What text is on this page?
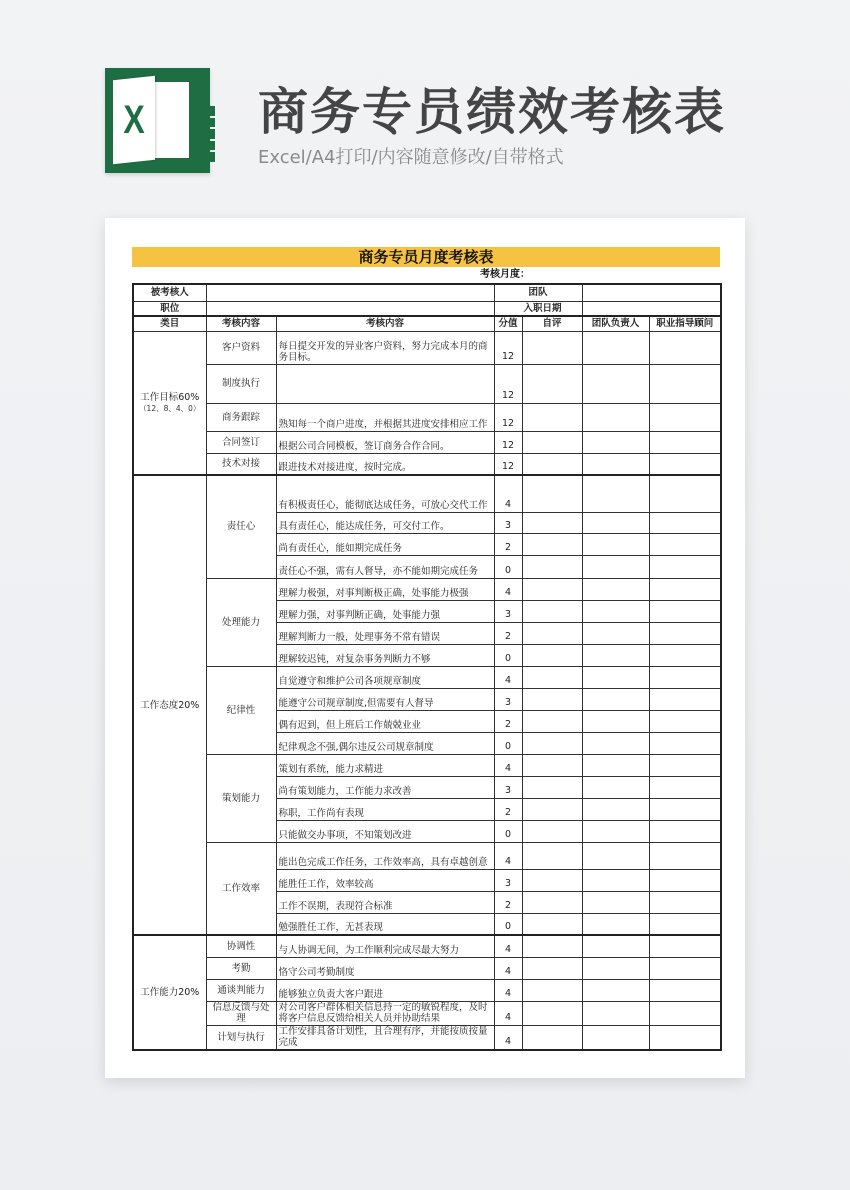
X 商务专员绩效考核表
Excel/A4打印/内容随意修改/自带格式
商务专员月度考核表
考核月度：
被考核人			团队			
职位			入职日期			
类目	考核内容	考核内容	分值	自评	团队负责人	职业指导顾问

工作目标60%
（12、8、4、0）	客户资料	每日提交开发的异业客户资料，努力完成本月的商务目标。	12			
	制度执行		12			
	商务跟踪	熟知每一个商户进度，并根据其进度安排相应工作	12			
	合同签订	根据公司合同模板，签订商务合作合同。	12			
	技术对接	跟进技术对接进度，按时完成。	12			

工作态度20%	责任心	有积极责任心，能彻底达成任务，可放心交代工作	4			
		具有责任心，能达成任务，可交付工作。	3			
		尚有责任心，能如期完成任务	2			
		责任心不强，需有人督导，亦不能如期完成任务	0			
	处理能力	理解力极强，对事判断极正确，处事能力极强	4			
		理解力强，对事判断正确，处事能力强	3			
		理解判断力一般，处理事务不常有错误	2			
		理解较迟钝，对复杂事务判断力不够	0			
	纪律性	自觉遵守和维护公司各项规章制度	4			
		能遵守公司规章制度,但需要有人督导	3			
		偶有迟到，但上班后工作兢兢业业	2			
		纪律观念不强,偶尔违反公司规章制度	0			
	策划能力	策划有系统，能力求精进	4			
		尚有策划能力，工作能力求改善	3			
		称职，工作尚有表现	2			
		只能做交办事项，不知策划改进	0			
	工作效率	能出色完成工作任务，工作效率高，具有卓越创意	4			
		能胜任工作，效率较高	3			
		工作不误期，表现符合标准	2			
		勉强胜任工作，无甚表现	0			

工作能力20%	协调性	与人协调无间，为工作顺利完成尽最大努力	4			
	考勤	恪守公司考勤制度	4			
	通谈判能力	能够独立负责大客户跟进	4			
	信息反馈与处理	对公司客户群体相关信息持一定的敏锐程度，及时将客户信息反馈给相关人员并协助结果	4			
	计划与执行	工作安排具备计划性，且合理有序，并能按质按量完成	4			
